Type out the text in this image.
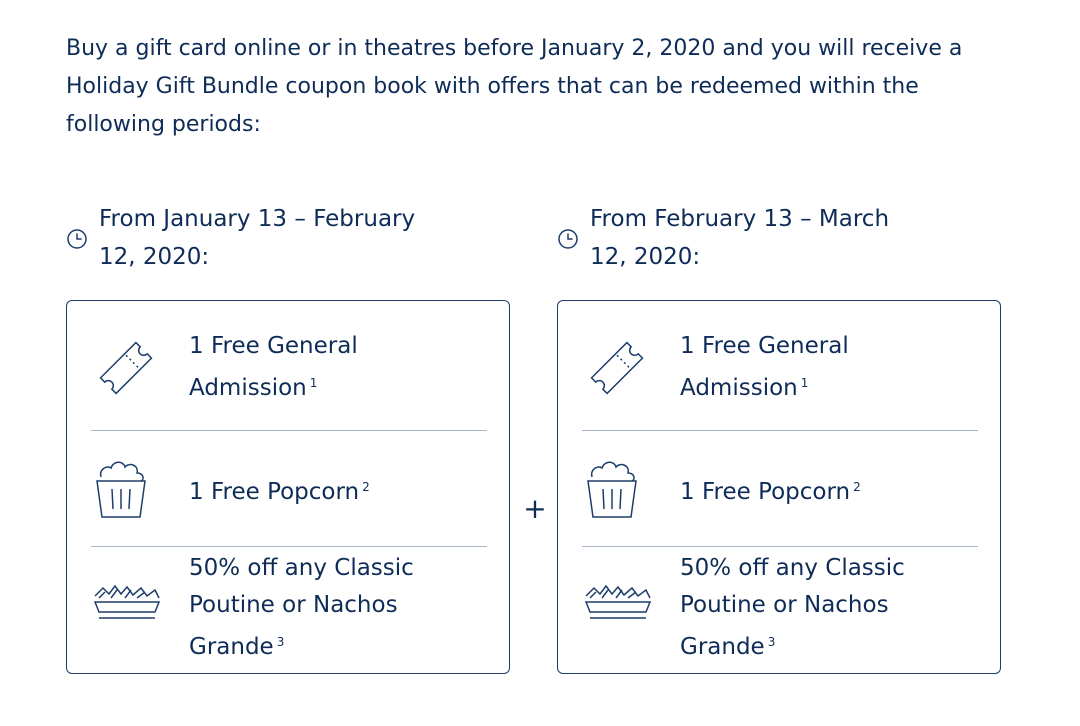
Buy a gift card online or in theatres before January 2, 2020 and you will receive a Holiday Gift Bundle coupon book with offers that can be redeemed within the following periods:

From January 13 – February 12, 2020:
From February 13 – March 12, 2020:
1 Free General Admission $^1$
1 Free Popcorn $^2$
50% off any Classic Poutine or Nachos Grande $^3$
+
1 Free General Admission $^1$
1 Free Popcorn $^2$
50% off any Classic Poutine or Nachos Grande $^3$
